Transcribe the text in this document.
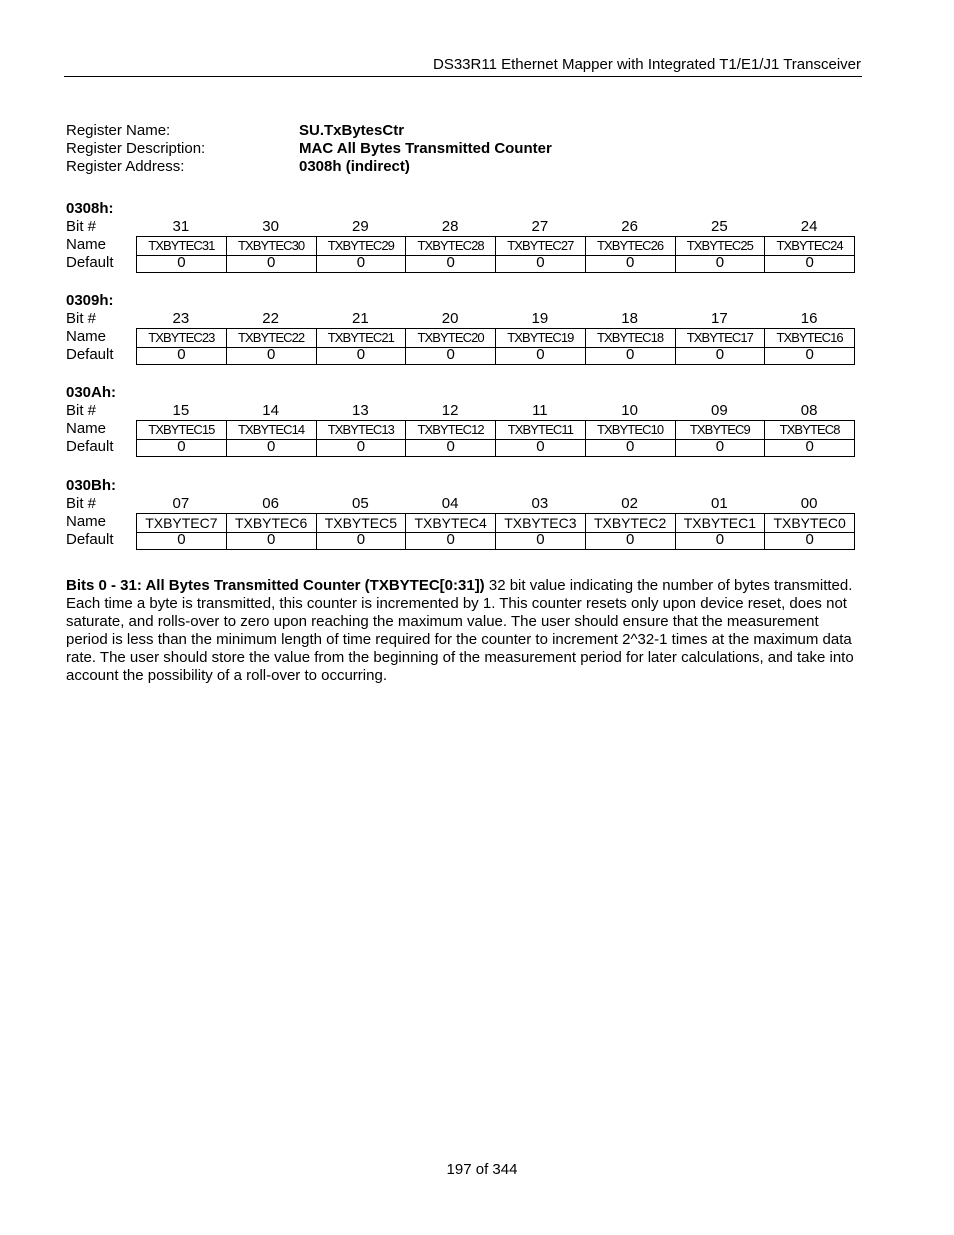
DS33R11 Ethernet Mapper with Integrated T1/E1/J1 Transceiver
Register Name:	SU.TxBytesCtr
Register Description:	MAC All Bytes Transmitted Counter
Register Address:	0308h (indirect)
0308h:
Bit #	31	30	29	28	27	26	25	24
Name	TXBYTEC31	TXBYTEC30	TXBYTEC29	TXBYTEC28	TXBYTEC27	TXBYTEC26	TXBYTEC25	TXBYTEC24
Default	0	0	0	0	0	0	0	0
0309h:
Bit #	23	22	21	20	19	18	17	16
Name	TXBYTEC23	TXBYTEC22	TXBYTEC21	TXBYTEC20	TXBYTEC19	TXBYTEC18	TXBYTEC17	TXBYTEC16
Default	0	0	0	0	0	0	0	0
030Ah:
Bit #	15	14	13	12	11	10	09	08
Name	TXBYTEC15	TXBYTEC14	TXBYTEC13	TXBYTEC12	TXBYTEC11	TXBYTEC10	TXBYTEC9	TXBYTEC8
Default	0	0	0	0	0	0	0	0
030Bh:
Bit #	07	06	05	04	03	02	01	00
Name	TXBYTEC7	TXBYTEC6	TXBYTEC5	TXBYTEC4	TXBYTEC3	TXBYTEC2	TXBYTEC1	TXBYTEC0
Default	0	0	0	0	0	0	0	0
Bits 0 - 31: All Bytes Transmitted Counter (TXBYTEC[0:31]) 32 bit value indicating the number of bytes transmitted. Each time a byte is transmitted, this counter is incremented by 1. This counter resets only upon device reset, does not saturate, and rolls-over to zero upon reaching the maximum value. The user should ensure that the measurement period is less than the minimum length of time required for the counter to increment 2^32-1 times at the maximum data rate. The user should store the value from the beginning of the measurement period for later calculations, and take into account the possibility of a roll-over to occurring.
197 of 344
